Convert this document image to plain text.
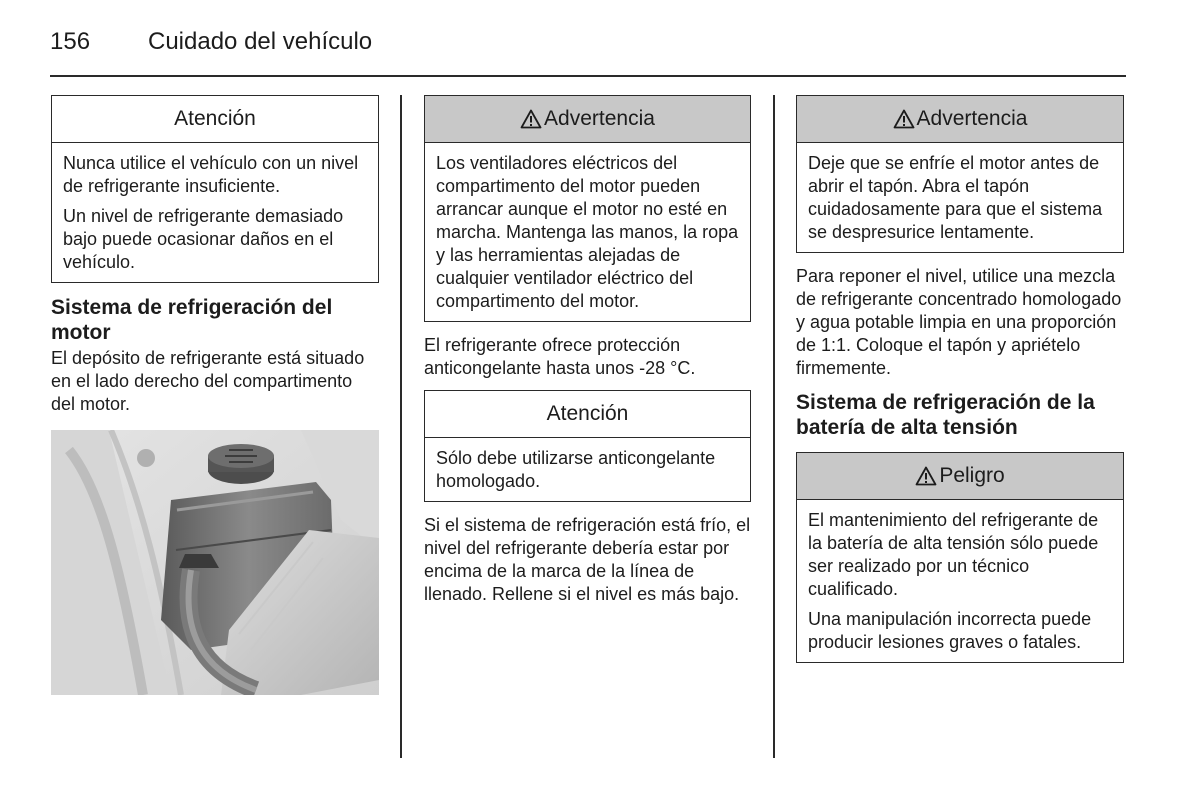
156	Cuidado del vehículo
Atención

Nunca utilice el vehículo con un nivel de refrigerante insuficiente.

Un nivel de refrigerante demasiado bajo puede ocasionar daños en el vehículo.

Sistema de refrigeración del motor

El depósito de refrigerante está situado en el lado derecho del compartimento del motor.

Advertencia

Los ventiladores eléctricos del compartimento del motor pueden arrancar aunque el motor no esté en marcha. Mantenga las manos, la ropa y las herramientas alejadas de cualquier ventilador eléctrico del compartimento del motor.

El refrigerante ofrece protección anticongelante hasta unos -28 °C.

Atención

Sólo debe utilizarse anticongelante homologado.

Si el sistema de refrigeración está frío, el nivel del refrigerante debería estar por encima de la marca de la línea de llenado. Rellene si el nivel es más bajo.

Advertencia

Deje que se enfríe el motor antes de abrir el tapón. Abra el tapón cuidadosamente para que el sistema se despresurice lentamente.

Para reponer el nivel, utilice una mezcla de refrigerante concentrado homologado y agua potable limpia en una proporción de 1:1. Coloque el tapón y apriételo firmemente.

Sistema de refrigeración de la batería de alta tensión
Peligro

El mantenimiento del refrigerante de la batería de alta tensión sólo puede ser realizado por un técnico cualificado.

Una manipulación incorrecta puede producir lesiones graves o fatales.
